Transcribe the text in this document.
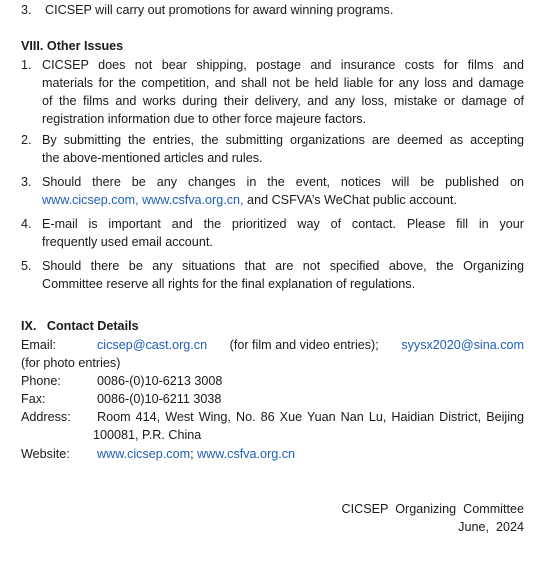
3. CICSEP will carry out promotions for award winning programs.
VIII. Other Issues
1. CICSEP does not bear shipping, postage and insurance costs for films and
materials for the competition, and shall not be held liable for any loss and damage
of the films and works during their delivery, and any loss, mistake or damage of
registration information due to other force majeure factors.
2. By submitting the entries, the submitting organizations are deemed as accepting
the above-mentioned articles and rules.
3. Should there be any changes in the event, notices will be published on
www.cicsep.com, www.csfva.org.cn, and CSFVA’s WeChat public account.
4. E-mail is important and the prioritized way of contact. Please fill in your
frequently used email account.
5. Should there be any situations that are not specified above, the Organizing
Committee reserve all rights for the final explanation of regulations.
IX.   Contact Details
Email:	cicsep@cast.org.cn (for film and video entries); syysx2020@sina.com
(for photo entries)
Phone:	0086-(0)10-6213 3008
Fax:	0086-(0)10-6211 3038
Address: Room 414, West Wing, No. 86 Xue Yuan Nan Lu, Haidian District, Beijing
100081, P.R. China
Website: www.cicsep.com; www.csfva.org.cn
CICSEP  Organizing  Committee
June,  2024
